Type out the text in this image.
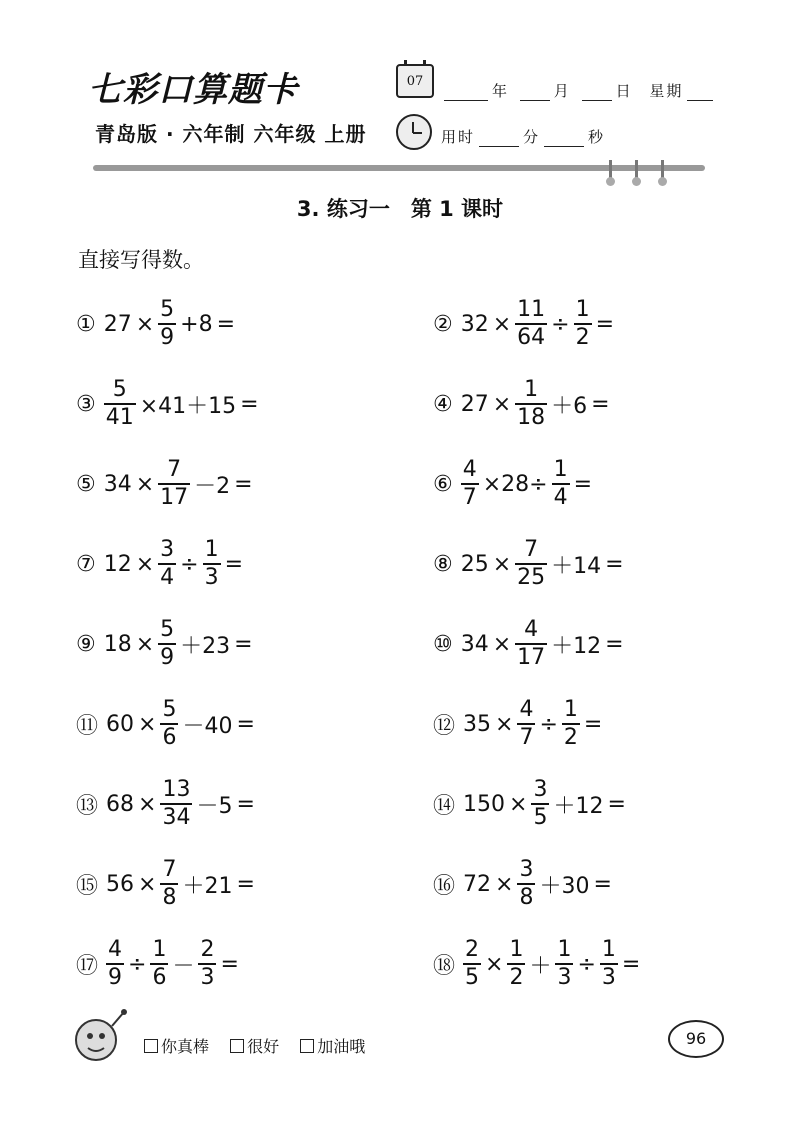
七彩口算题卡
青岛版 · 六年制 六年级 上册
07
年	月	日 星期
用时	分	秒
3. 练习一　第 1 课时
直接写得数。
① $27 \times \frac{5}{9} +8$ =	② $32 \times \frac{11}{64} \div \frac{1}{2}$ =
③ $\frac{5}{41} \times 41+15$ =	④ $27 \times \frac{1}{18} +6$ =
⑤ $34 \times \frac{7}{17} -2$ =	⑥ $\frac{4}{7} \times 28\div \frac{1}{4}$ =
⑦ $12 \times \frac{3}{4} \div \frac{1}{3}$ =	⑧ $25 \times \frac{7}{25} +14$ =
⑨ $18 \times \frac{5}{9} +23$ =	⑩ $34 \times \frac{4}{17} +12$ =
⑪ $60 \times \frac{5}{6} -40$ =	⑫ $35 \times \frac{4}{7} \div \frac{1}{2}$ =
⑬ $68 \times \frac{13}{34} -5$ =	⑭ $150 \times \frac{3}{5} +12$ =
⑮ $56 \times \frac{7}{8} +21$ =	⑯ $72 \times \frac{3}{8} +30$ =
⑰ $\frac{4}{9} \div \frac{1}{6} - \frac{2}{3}$ =	⑱ $\frac{2}{5} \times \frac{1}{2} + \frac{1}{3} \div \frac{1}{3}$ =
你真棒 很好 加油哦	96
